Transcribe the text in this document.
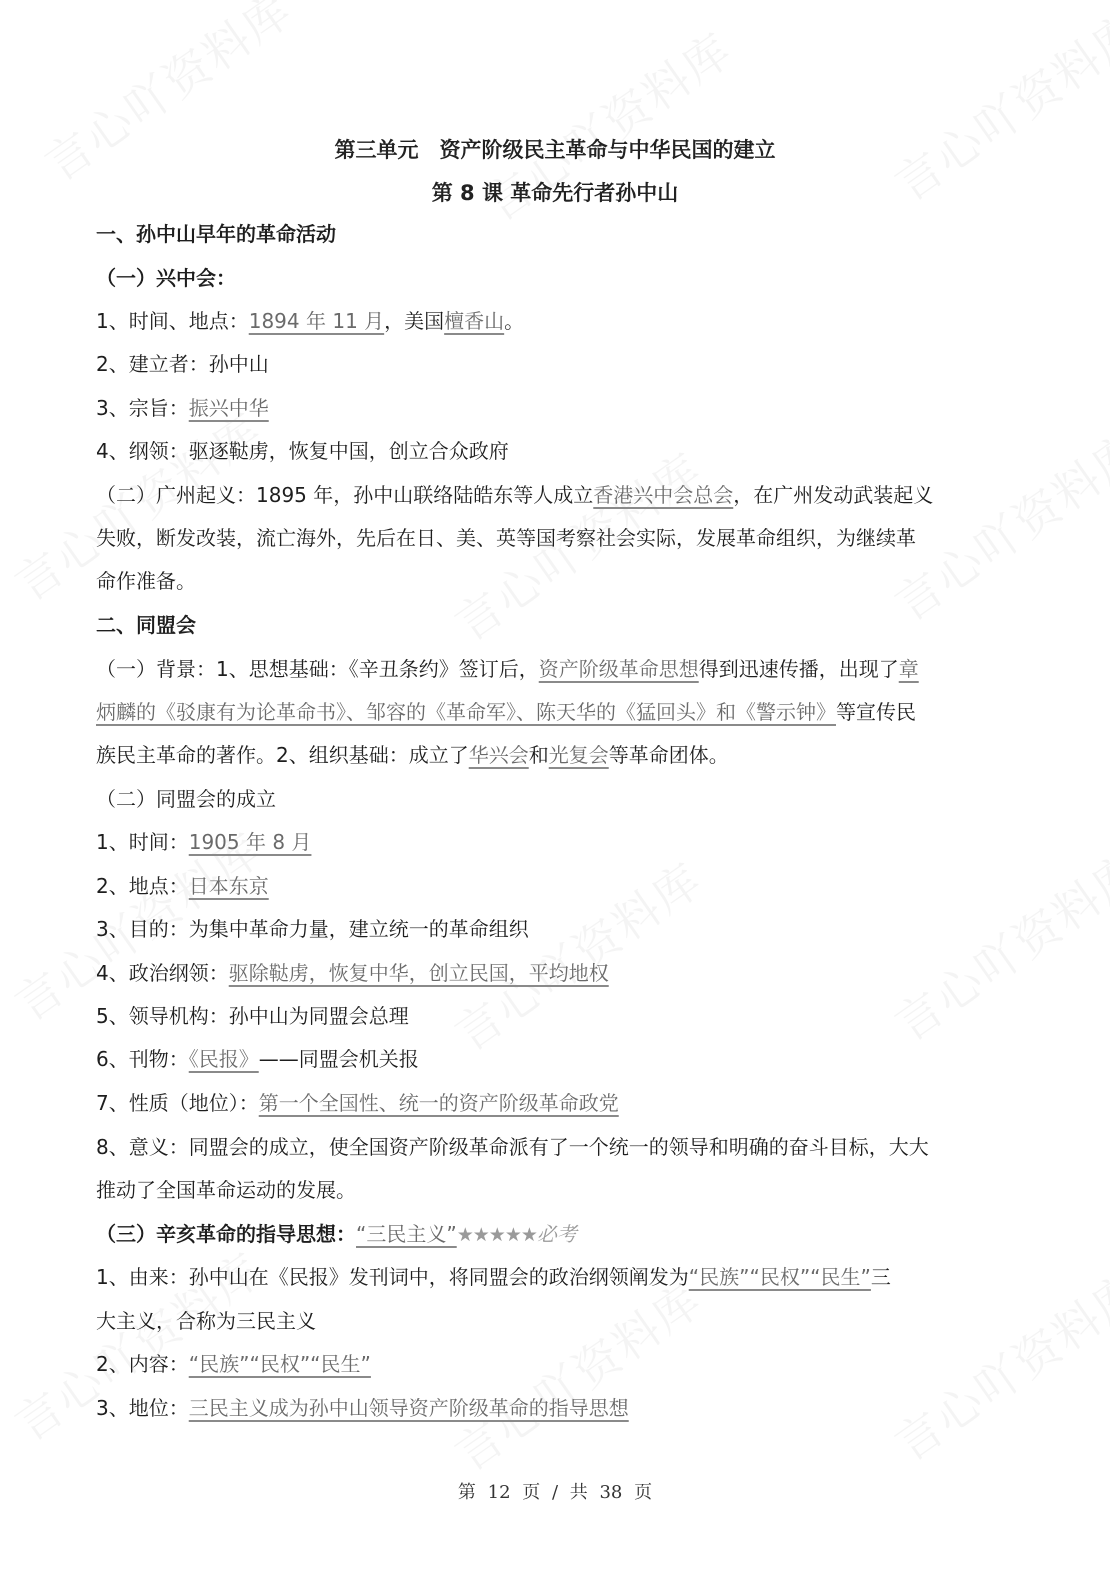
第三单元　资产阶级民主革命与中华民国的建立
第 8 课 革命先行者孙中山
一、孙中山早年的革命活动
（一）兴中会：
1、时间、地点：1894 年 11 月，美国檀香山。
2、建立者：孙中山
3、宗旨：振兴中华
4、纲领：驱逐鞑虏，恢复中国，创立合众政府
（二）广州起义：1895 年，孙中山联络陆皓东等人成立香港兴中会总会，在广州发动武装起义
失败，断发改装，流亡海外，先后在日、美、英等国考察社会实际，发展革命组织，为继续革
命作准备。
二、同盟会
（一）背景：1、思想基础：《辛丑条约》签订后，资产阶级革命思想得到迅速传播，出现了章
炳麟的《驳康有为论革命书》、邹容的《革命军》、陈天华的《猛回头》和《警示钟》等宣传民
族民主革命的著作。2、组织基础：成立了华兴会和光复会等革命团体。
（二）同盟会的成立
1、时间：1905 年 8 月
2、地点：日本东京
3、目的：为集中革命力量，建立统一的革命组织
4、政治纲领：驱除鞑虏，恢复中华，创立民国，平均地权
5、领导机构：孙中山为同盟会总理
6、刊物：《民报》——同盟会机关报
7、性质（地位）：第一个全国性、统一的资产阶级革命政党
8、意义：同盟会的成立，使全国资产阶级革命派有了一个统一的领导和明确的奋斗目标，大大
推动了全国革命运动的发展。
（三）辛亥革命的指导思想：“三民主义”★★★★★必考
1、由来：孙中山在《民报》发刊词中，将同盟会的政治纲领阐发为“民族”“民权”“民生”三
大主义，合称为三民主义
2、内容：“民族”“民权”“民生”
3、地位：三民主义成为孙中山领导资产阶级革命的指导思想
第 12 页 / 共 38 页
